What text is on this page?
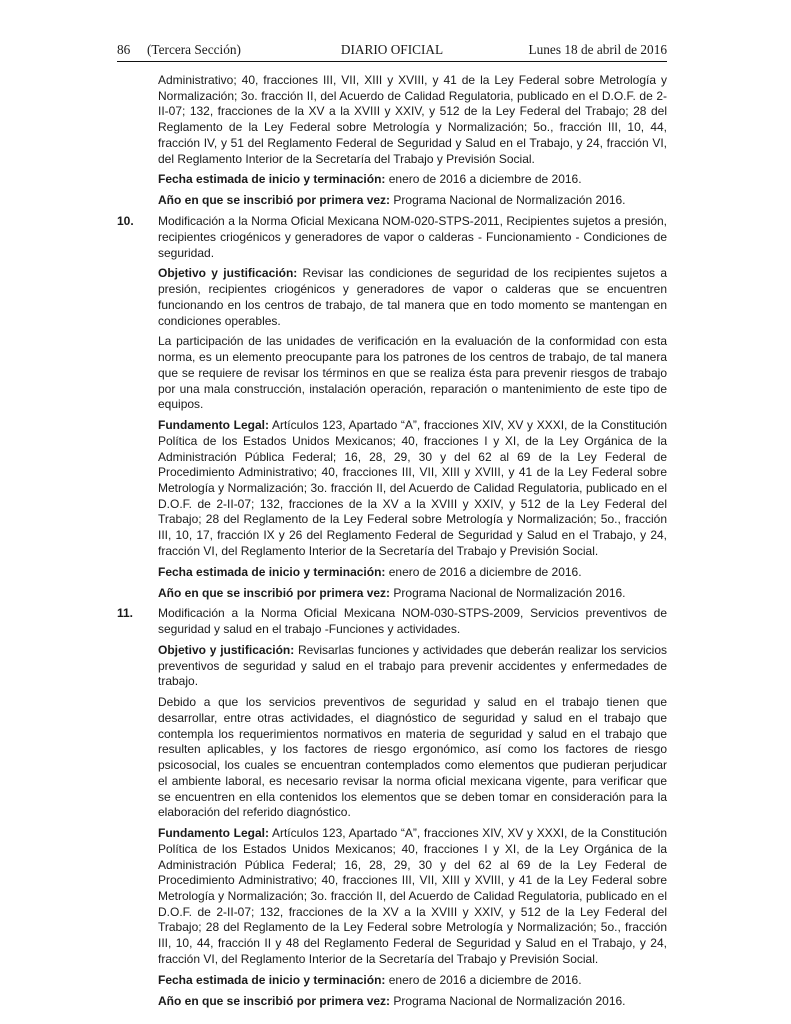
86 (Tercera Sección)	DIARIO OFICIAL	Lunes 18 de abril de 2016

Administrativo; 40, fracciones III, VII, XIII y XVIII, y 41 de la Ley Federal sobre Metrología y Normalización; 3o. fracción II, del Acuerdo de Calidad Regulatoria, publicado en el D.O.F. de 2-II-07; 132, fracciones de la XV a la XVIII y XXIV, y 512 de la Ley Federal del Trabajo; 28 del Reglamento de la Ley Federal sobre Metrología y Normalización; 5o., fracción III, 10, 44, fracción IV, y 51 del Reglamento Federal de Seguridad y Salud en el Trabajo, y 24, fracción VI, del Reglamento Interior de la Secretaría del Trabajo y Previsión Social.

Fecha estimada de inicio y terminación: enero de 2016 a diciembre de 2016.

Año en que se inscribió por primera vez: Programa Nacional de Normalización 2016.

10.	Modificación a la Norma Oficial Mexicana NOM-020-STPS-2011, Recipientes sujetos a presión, recipientes criogénicos y generadores de vapor o calderas - Funcionamiento - Condiciones de seguridad.

Objetivo y justificación: Revisar las condiciones de seguridad de los recipientes sujetos a presión, recipientes criogénicos y generadores de vapor o calderas que se encuentren funcionando en los centros de trabajo, de tal manera que en todo momento se mantengan en condiciones operables.

La participación de las unidades de verificación en la evaluación de la conformidad con esta norma, es un elemento preocupante para los patrones de los centros de trabajo, de tal manera que se requiere de revisar los términos en que se realiza ésta para prevenir riesgos de trabajo por una mala construcción, instalación operación, reparación o mantenimiento de este tipo de equipos.

Fundamento Legal: Artículos 123, Apartado “A”, fracciones XIV, XV y XXXI, de la Constitución Política de los Estados Unidos Mexicanos; 40, fracciones I y XI, de la Ley Orgánica de la Administración Pública Federal; 16, 28, 29, 30 y del 62 al 69 de la Ley Federal de Procedimiento Administrativo; 40, fracciones III, VII, XIII y XVIII, y 41 de la Ley Federal sobre Metrología y Normalización; 3o. fracción II, del Acuerdo de Calidad Regulatoria, publicado en el D.O.F. de 2-II-07; 132, fracciones de la XV a la XVIII y XXIV, y 512 de la Ley Federal del Trabajo; 28 del Reglamento de la Ley Federal sobre Metrología y Normalización; 5o., fracción III, 10, 17, fracción IX y 26 del Reglamento Federal de Seguridad y Salud en el Trabajo, y 24, fracción VI, del Reglamento Interior de la Secretaría del Trabajo y Previsión Social.

Fecha estimada de inicio y terminación: enero de 2016 a diciembre de 2016.

Año en que se inscribió por primera vez: Programa Nacional de Normalización 2016.

11.	Modificación a la Norma Oficial Mexicana NOM-030-STPS-2009, Servicios preventivos de seguridad y salud en el trabajo -Funciones y actividades.

Objetivo y justificación: Revisarlas funciones y actividades que deberán realizar los servicios preventivos de seguridad y salud en el trabajo para prevenir accidentes y enfermedades de trabajo.

Debido a que los servicios preventivos de seguridad y salud en el trabajo tienen que desarrollar, entre otras actividades, el diagnóstico de seguridad y salud en el trabajo que contempla los requerimientos normativos en materia de seguridad y salud en el trabajo que resulten aplicables, y los factores de riesgo ergonómico, así como los factores de riesgo psicosocial, los cuales se encuentran contemplados como elementos que pudieran perjudicar el ambiente laboral, es necesario revisar la norma oficial mexicana vigente, para verificar que se encuentren en ella contenidos los elementos que se deben tomar en consideración para la elaboración del referido diagnóstico.

Fundamento Legal: Artículos 123, Apartado “A”, fracciones XIV, XV y XXXI, de la Constitución Política de los Estados Unidos Mexicanos; 40, fracciones I y XI, de la Ley Orgánica de la Administración Pública Federal; 16, 28, 29, 30 y del 62 al 69 de la Ley Federal de Procedimiento Administrativo; 40, fracciones III, VII, XIII y XVIII, y 41 de la Ley Federal sobre Metrología y Normalización; 3o. fracción II, del Acuerdo de Calidad Regulatoria, publicado en el D.O.F. de 2-II-07; 132, fracciones de la XV a la XVIII y XXIV, y 512 de la Ley Federal del Trabajo; 28 del Reglamento de la Ley Federal sobre Metrología y Normalización; 5o., fracción III, 10, 44, fracción II y 48 del Reglamento Federal de Seguridad y Salud en el Trabajo, y 24, fracción VI, del Reglamento Interior de la Secretaría del Trabajo y Previsión Social.

Fecha estimada de inicio y terminación: enero de 2016 a diciembre de 2016.

Año en que se inscribió por primera vez: Programa Nacional de Normalización 2016.
